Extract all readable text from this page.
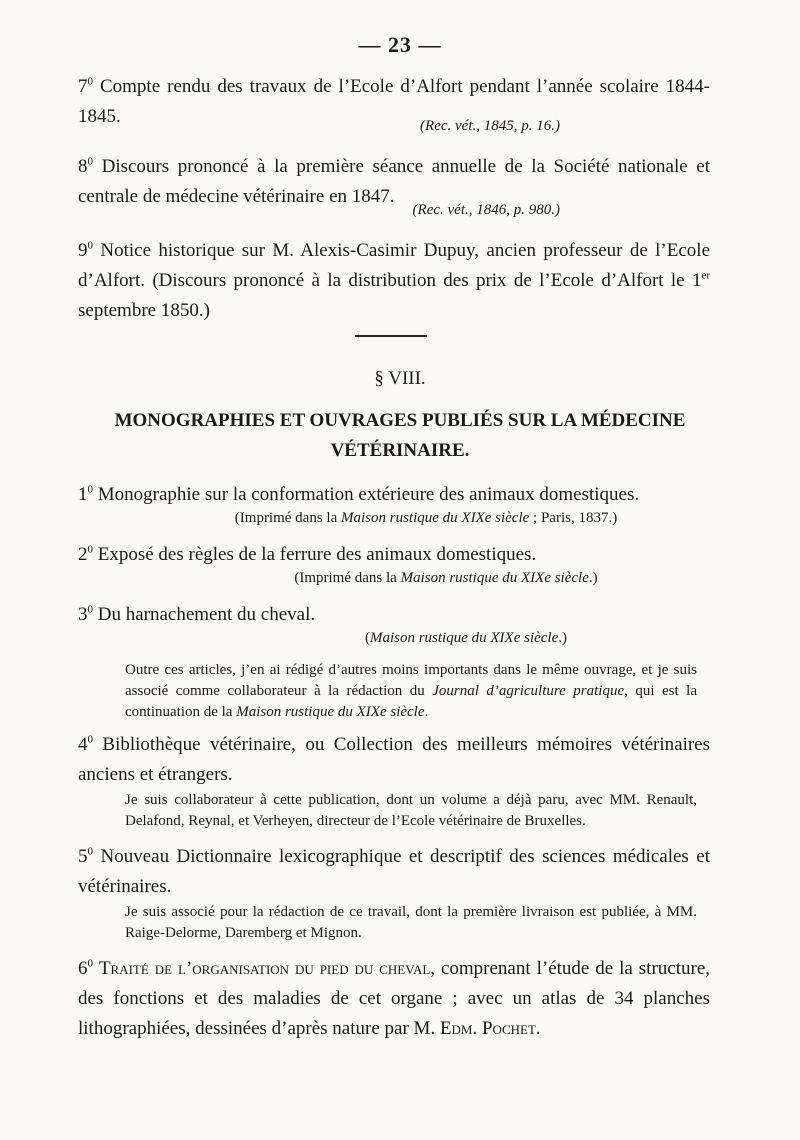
— 23 —
$7^0$ Compte rendu des travaux de l’Ecole d’Alfort pendant l’année scolaire 1844-1845.	(Rec. vét., 1845, p. 16.)
$8^0$ Discours prononcé à la première séance annuelle de la Société nationale et centrale de médecine vétérinaire en 1847.
(Rec. vét., 1846, p. 980.)
$9^0$ Notice historique sur M. Alexis-Casimir Dupuy, ancien professeur de l’Ecole d’Alfort. (Discours prononcé à la distribution des prix de l’Ecole d’Alfort le 1er septembre 1850.)
§ VIII.
MONOGRAPHIES ET OUVRAGES PUBLIÉS SUR LA MÉDECINE VÉTÉRINAIRE.
$1^0$ Monographie sur la conformation extérieure des animaux domestiques.
(Imprimé dans la Maison rustique du XIXe siècle ; Paris, 1837.)
$2^0$ Exposé des règles de la ferrure des animaux domestiques.
(Imprimé dans la Maison rustique du XIXe siècle.)
$3^0$ Du harnachement du cheval.
(Maison rustique du XIXe siècle.)
Outre ces articles, j’en ai rédigé d’autres moins importants dans le même ouvrage, et je suis associé comme collaborateur à la rédaction du Journal d’agriculture pratique, qui est la continuation de la Maison rustique du XIXe siècle.
$4^0$ Bibliothèque vétérinaire, ou Collection des meilleurs mémoires vétérinaires anciens et étrangers.
Je suis collaborateur à cette publication, dont un volume a déjà paru, avec MM. Renault, Delafond, Reynal, et Verheyen, directeur de l’Ecole vétérinaire de Bruxelles.
$5^0$ Nouveau Dictionnaire lexicographique et descriptif des sciences médicales et vétérinaires.
Je suis associé pour la rédaction de ce travail, dont la première livraison est publiée, à MM. Raige-Delorme, Daremberg et Mignon.
$6^0$ Traité de l’organisation du pied du cheval, comprenant l’étude de la structure, des fonctions et des maladies de cet organe ; avec un atlas de 34 planches lithographiées, dessinées d’après nature par M. Edm. Pochet.
